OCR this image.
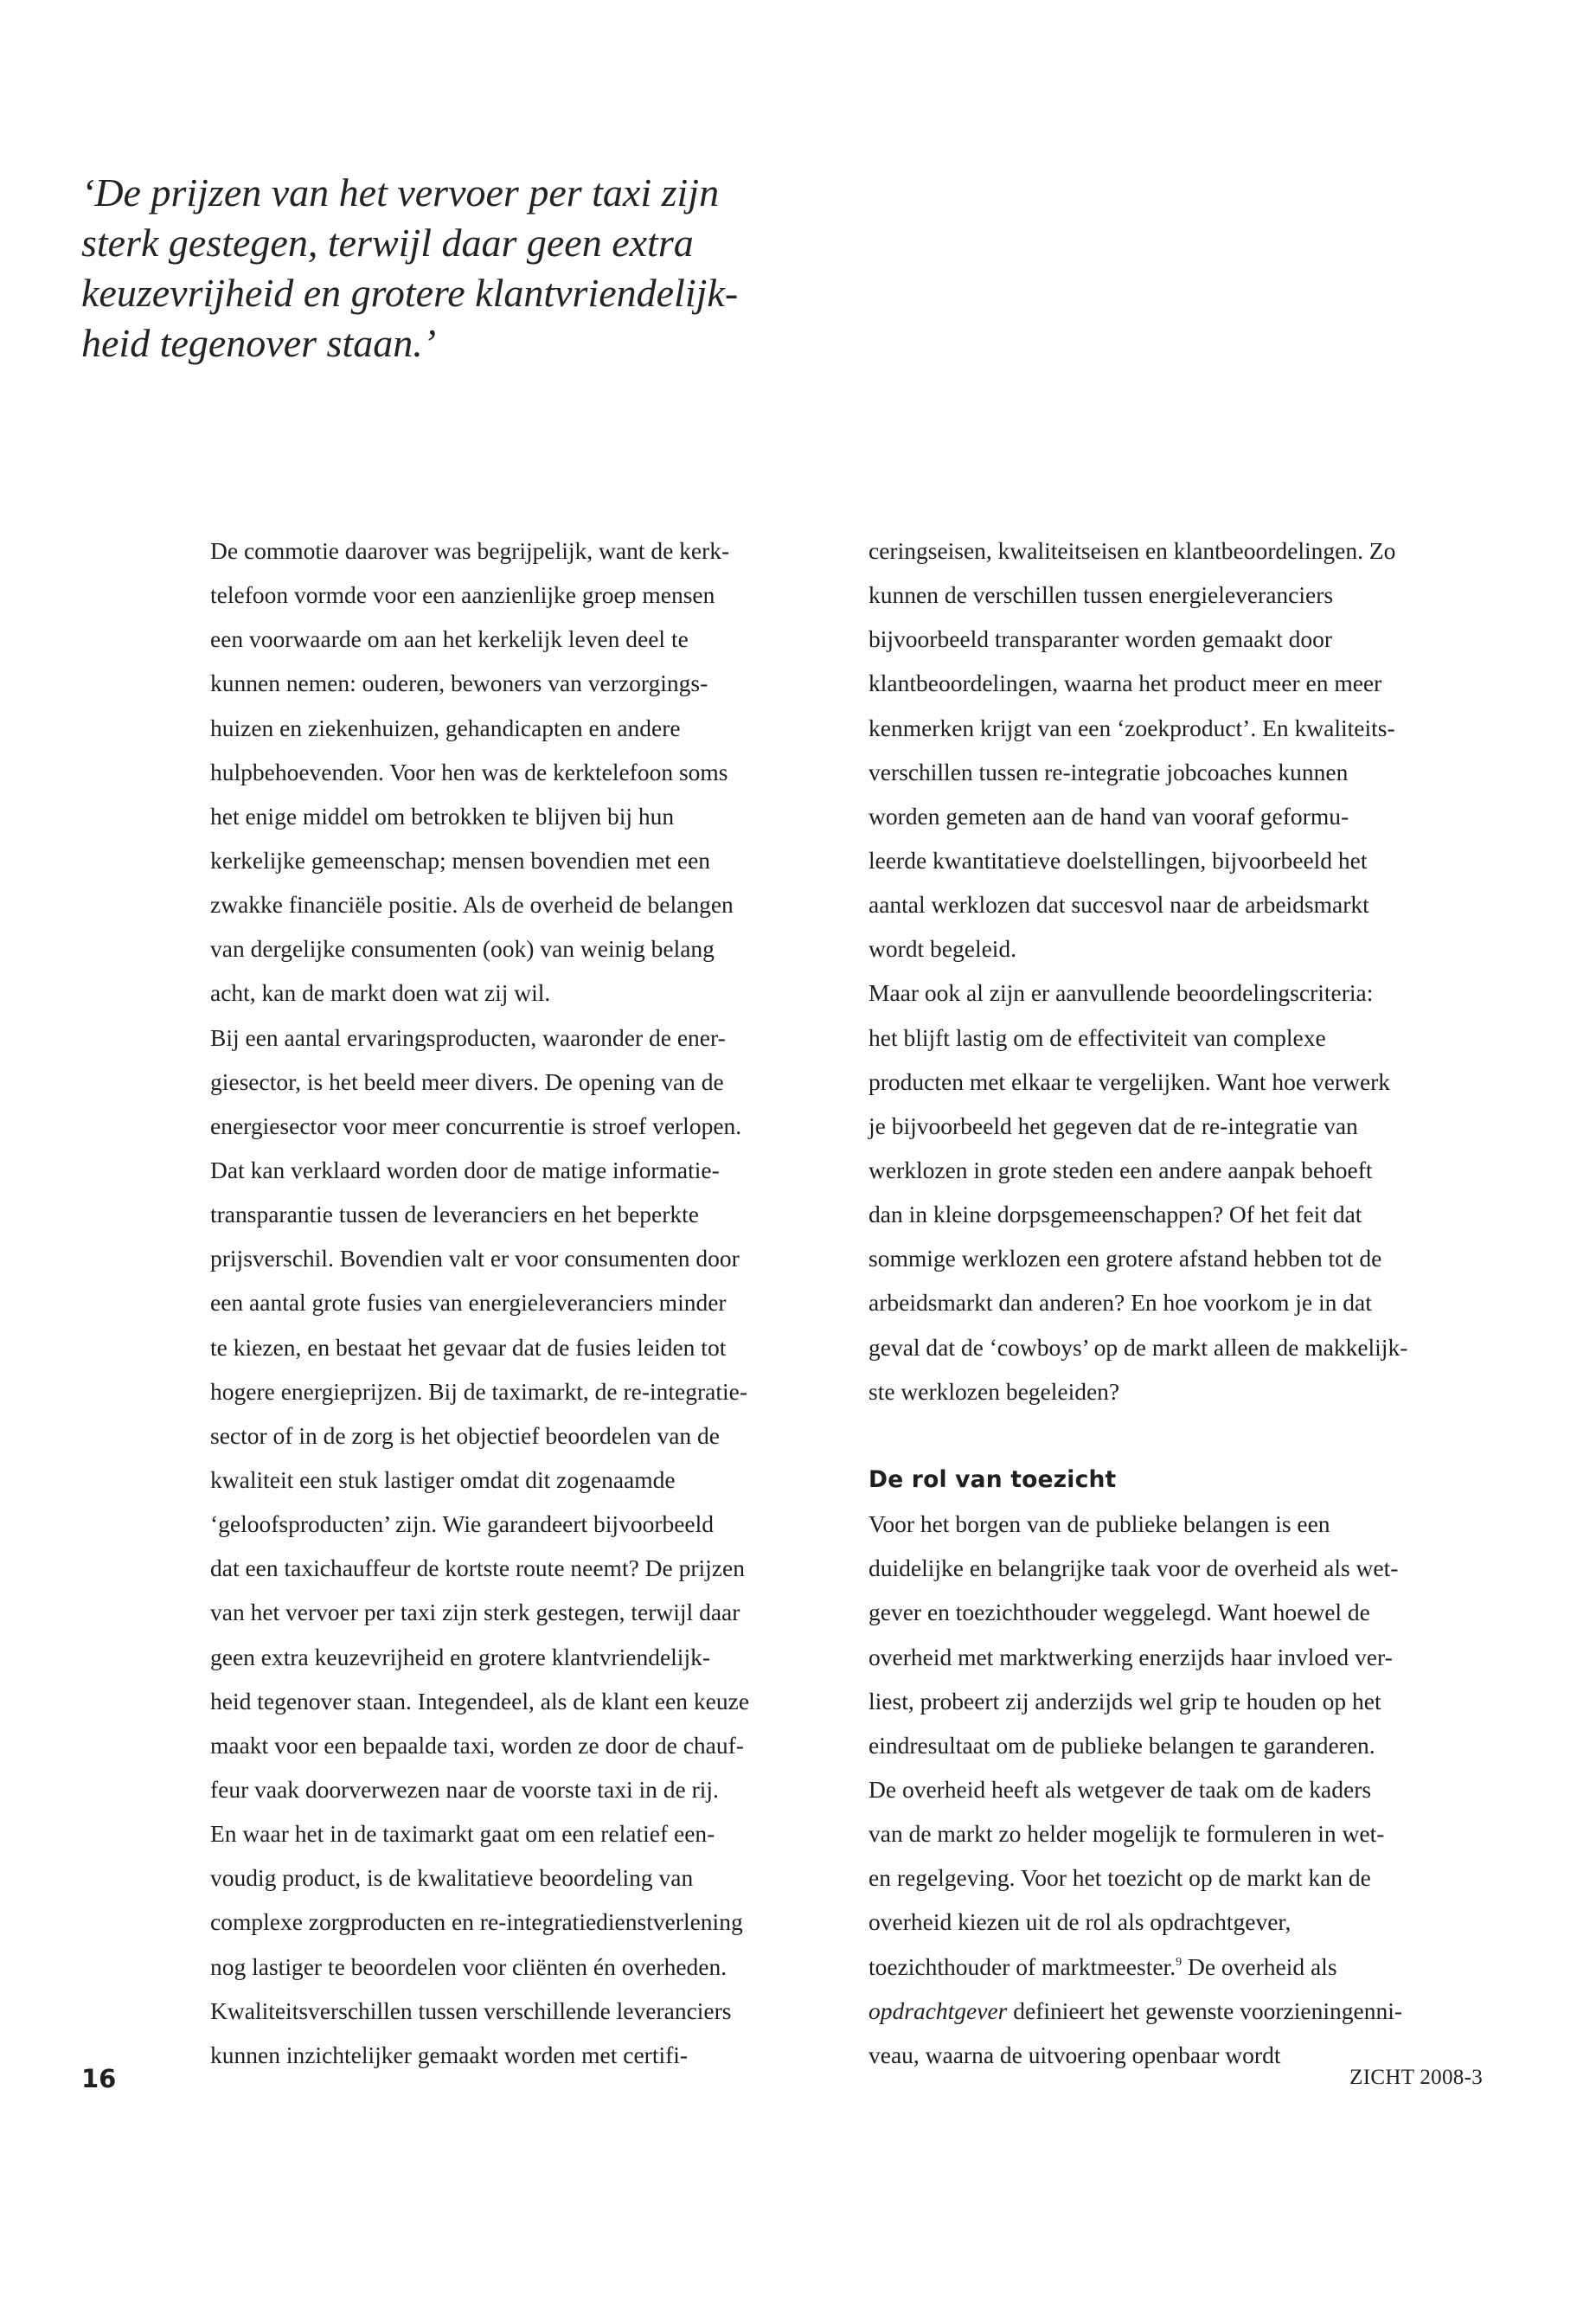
‘De prijzen van het vervoer per taxi zijn
sterk gestegen, terwijl daar geen extra
keuzevrijheid en grotere klantvriendelijk-
heid tegenover staan.’
De commotie daarover was begrijpelijk, want de kerk-
telefoon vormde voor een aanzienlijke groep mensen
een voorwaarde om aan het kerkelijk leven deel te
kunnen nemen: ouderen, bewoners van verzorgings-
huizen en ziekenhuizen, gehandicapten en andere
hulpbehoevenden. Voor hen was de kerktelefoon soms
het enige middel om betrokken te blijven bij hun
kerkelijke gemeenschap; mensen bovendien met een
zwakke financiële positie. Als de overheid de belangen
van dergelijke consumenten (ook) van weinig belang
acht, kan de markt doen wat zij wil.
Bij een aantal ervaringsproducten, waaronder de ener-
giesector, is het beeld meer divers. De opening van de
energiesector voor meer concurrentie is stroef verlopen.
Dat kan verklaard worden door de matige informatie-
transparantie tussen de leveranciers en het beperkte
prijsverschil. Bovendien valt er voor consumenten door
een aantal grote fusies van energieleveranciers minder
te kiezen, en bestaat het gevaar dat de fusies leiden tot
hogere energieprijzen. Bij de taximarkt, de re-integratie-
sector of in de zorg is het objectief beoordelen van de
kwaliteit een stuk lastiger omdat dit zogenaamde
‘geloofsproducten’ zijn. Wie garandeert bijvoorbeeld
dat een taxichauffeur de kortste route neemt? De prijzen
van het vervoer per taxi zijn sterk gestegen, terwijl daar
geen extra keuzevrijheid en grotere klantvriendelijk-
heid tegenover staan. Integendeel, als de klant een keuze
maakt voor een bepaalde taxi, worden ze door de chauf-
feur vaak doorverwezen naar de voorste taxi in de rij.
En waar het in de taximarkt gaat om een relatief een-
voudig product, is de kwalitatieve beoordeling van
complexe zorgproducten en re-integratiedienstverlening
nog lastiger te beoordelen voor cliënten én overheden.
Kwaliteitsverschillen tussen verschillende leveranciers
kunnen inzichtelijker gemaakt worden met certifi-
ceringseisen, kwaliteitseisen en klantbeoordelingen. Zo
kunnen de verschillen tussen energieleveranciers
bijvoorbeeld transparanter worden gemaakt door
klantbeoordelingen, waarna het product meer en meer
kenmerken krijgt van een ‘zoekproduct’. En kwaliteits-
verschillen tussen re-integratie jobcoaches kunnen
worden gemeten aan de hand van vooraf geformu-
leerde kwantitatieve doelstellingen, bijvoorbeeld het
aantal werklozen dat succesvol naar de arbeidsmarkt
wordt begeleid.
Maar ook al zijn er aanvullende beoordelingscriteria:
het blijft lastig om de effectiviteit van complexe
producten met elkaar te vergelijken. Want hoe verwerk
je bijvoorbeeld het gegeven dat de re-integratie van
werklozen in grote steden een andere aanpak behoeft
dan in kleine dorpsgemeenschappen? Of het feit dat
sommige werklozen een grotere afstand hebben tot de
arbeidsmarkt dan anderen? En hoe voorkom je in dat
geval dat de ‘cowboys’ op de markt alleen de makkelijk-
ste werklozen begeleiden?
De rol van toezicht
Voor het borgen van de publieke belangen is een
duidelijke en belangrijke taak voor de overheid als wet-
gever en toezichthouder weggelegd. Want hoewel de
overheid met marktwerking enerzijds haar invloed ver-
liest, probeert zij anderzijds wel grip te houden op het
eindresultaat om de publieke belangen te garanderen.
De overheid heeft als wetgever de taak om de kaders
van de markt zo helder mogelijk te formuleren in wet-
en regelgeving. Voor het toezicht op de markt kan de
overheid kiezen uit de rol als opdrachtgever,
toezichthouder of marktmeester.$^9$ De overheid als
opdrachtgever definieert het gewenste voorzieningenni-
veau, waarna de uitvoering openbaar wordt
16	ZICHT 2008-3
